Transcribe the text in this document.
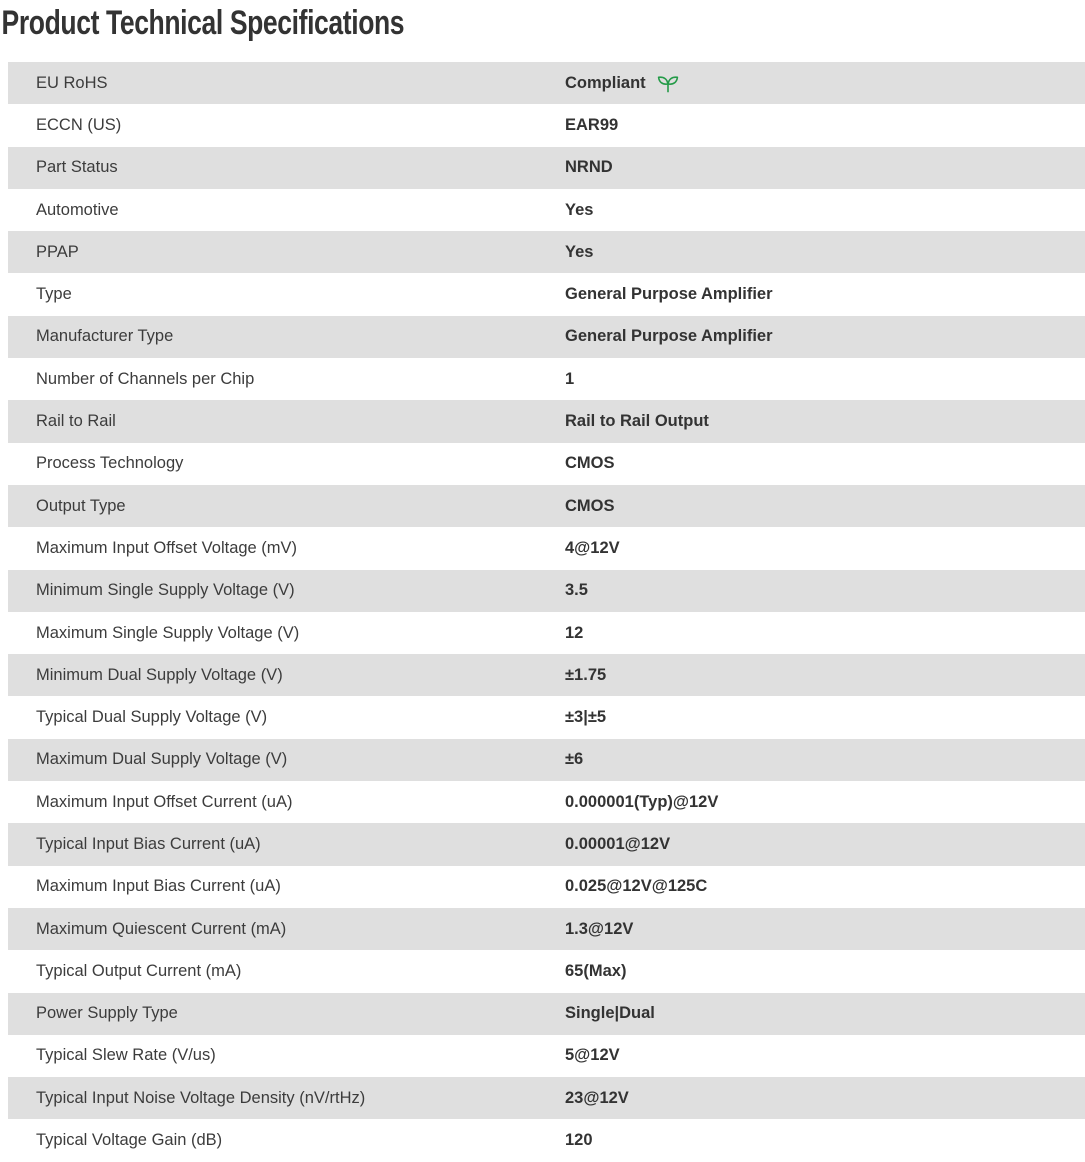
Product Technical Specifications
EU RoHS	Compliant
ECCN (US)	EAR99
Part Status	NRND
Automotive	Yes
PPAP	Yes
Type	General Purpose Amplifier
Manufacturer Type	General Purpose Amplifier
Number of Channels per Chip	1
Rail to Rail	Rail to Rail Output
Process Technology	CMOS
Output Type	CMOS
Maximum Input Offset Voltage (mV)	4@12V
Minimum Single Supply Voltage (V)	3.5
Maximum Single Supply Voltage (V)	12
Minimum Dual Supply Voltage (V)	±1.75
Typical Dual Supply Voltage (V)	±3|±5
Maximum Dual Supply Voltage (V)	±6
Maximum Input Offset Current (uA)	0.000001(Typ)@12V
Typical Input Bias Current (uA)	0.00001@12V
Maximum Input Bias Current (uA)	0.025@12V@125C
Maximum Quiescent Current (mA)	1.3@12V
Typical Output Current (mA)	65(Max)
Power Supply Type	Single|Dual
Typical Slew Rate (V/us)	5@12V
Typical Input Noise Voltage Density (nV/rtHz)	23@12V
Typical Voltage Gain (dB)	120
